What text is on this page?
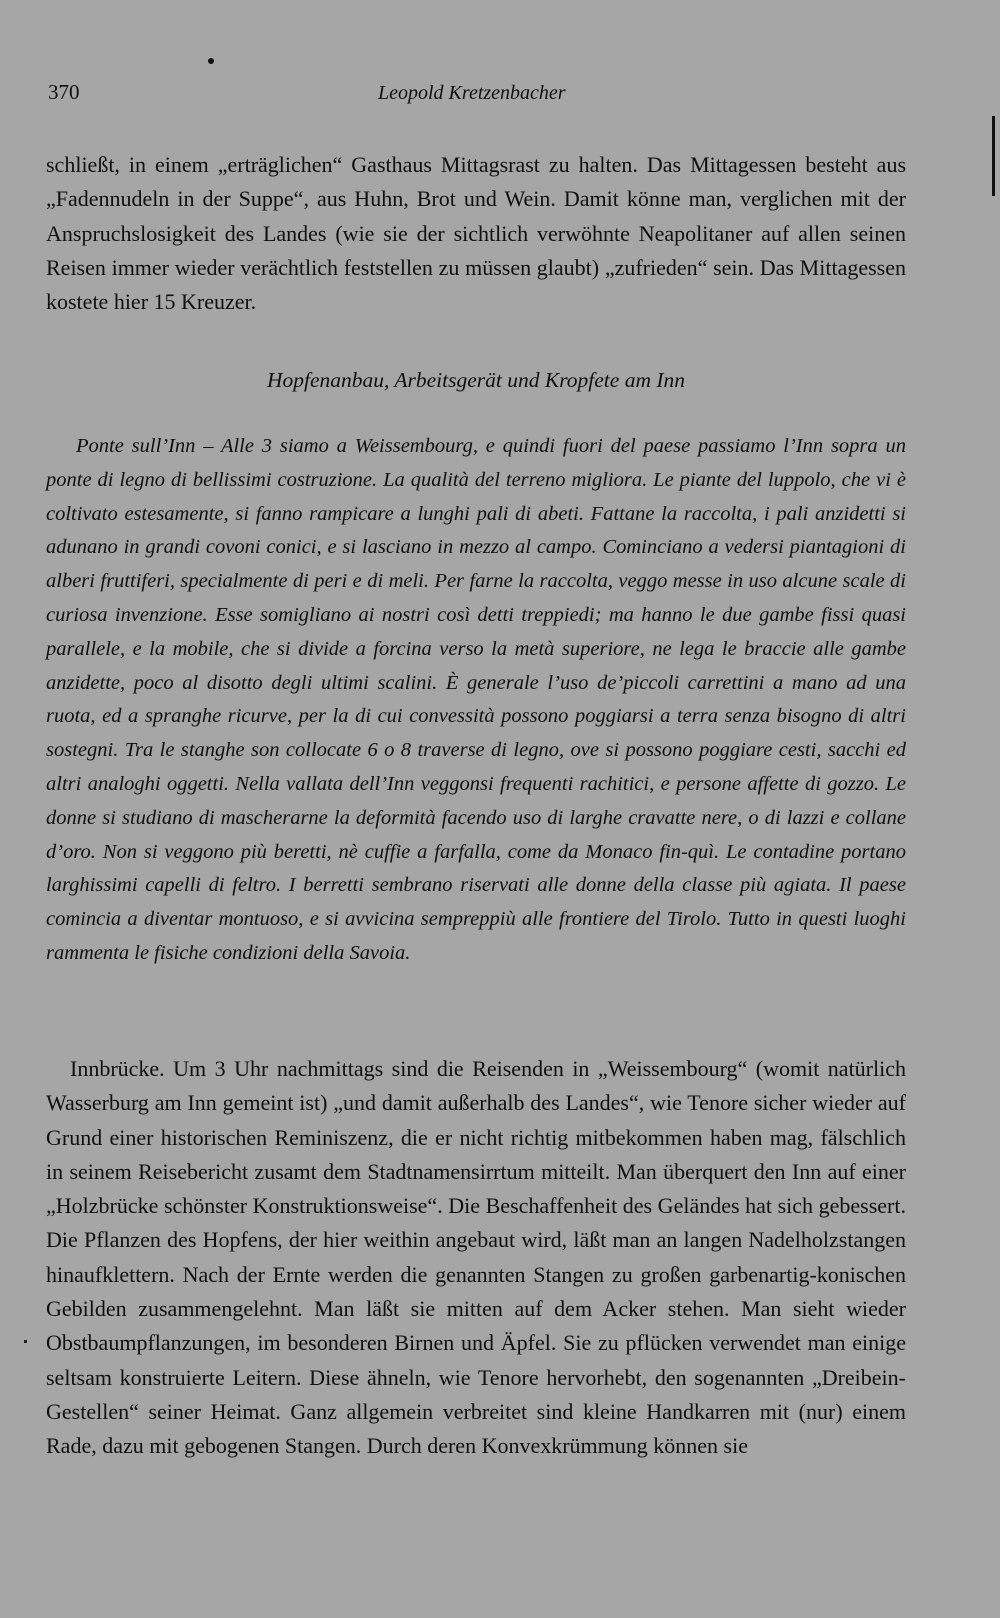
370	Leopold Kretzenbacher

schließt, in einem „erträglichen“ Gasthaus Mittagsrast zu halten. Das Mittagessen besteht aus „Fadennudeln in der Suppe“, aus Huhn, Brot und Wein. Damit könne man, verglichen mit der Anspruchslosigkeit des Landes (wie sie der sichtlich verwöhnte Neapolitaner auf allen seinen Reisen immer wieder verächtlich feststellen zu müssen glaubt) „zufrieden“ sein. Das Mittagessen kostete hier 15 Kreuzer.

Hopfenanbau, Arbeitsgerät und Kropfete am Inn

Ponte sull’Inn – Alle 3 siamo a Weissembourg, e quindi fuori del paese passiamo l’Inn sopra un ponte di legno di bellissimi costruzione. La qualità del terreno migliora. Le piante del luppolo, che vi è coltivato estesamente, si fanno rampicare a lunghi pali di abeti. Fattane la raccolta, i pali anzidetti si adunano in grandi covoni conici, e si lasciano in mezzo al campo. Cominciano a vedersi piantagioni di alberi fruttiferi, specialmente di peri e di meli. Per farne la raccolta, veggo messe in uso alcune scale di curiosa invenzione. Esse somigliano ai nostri così detti treppiedi; ma hanno le due gambe fissi quasi parallele, e la mobile, che si divide a forcina verso la metà superiore, ne lega le braccie alle gambe anzidette, poco al disotto degli ultimi scalini. È generale l’uso de’piccoli carrettini a mano ad una ruota, ed a spranghe ricurve, per la di cui convessità possono poggiarsi a terra senza bisogno di altri sostegni. Tra le stanghe son collocate 6 o 8 traverse di legno, ove si possono poggiare cesti, sacchi ed altri analoghi oggetti. Nella vallata dell’Inn veggonsi frequenti rachitici, e persone affette di gozzo. Le donne si studiano di mascherarne la deformità facendo uso di larghe cravatte nere, o di lazzi e collane d’oro. Non si veggono più beretti, nè cuffie a farfalla, come da Monaco fin-quì. Le contadine portano larghissimi capelli di feltro. I berretti sembrano riservati alle donne della classe più agiata. Il paese comincia a diventar montuoso, e si avvicina sempreppiù alle frontiere del Tirolo. Tutto in questi luoghi rammenta le fisiche condizioni della Savoia.

Innbrücke. Um 3 Uhr nachmittags sind die Reisenden in „Weissembourg“ (womit natürlich Wasserburg am Inn gemeint ist) „und damit außerhalb des Landes“, wie Tenore sicher wieder auf Grund einer historischen Reminiszenz, die er nicht richtig mitbekommen haben mag, fälschlich in seinem Reisebericht zusamt dem Stadtnamensirrtum mitteilt. Man überquert den Inn auf einer „Holzbrücke schönster Konstruktionsweise“. Die Beschaffenheit des Geländes hat sich gebessert. Die Pflanzen des Hopfens, der hier weithin angebaut wird, läßt man an langen Nadelholzstangen hinaufklettern. Nach der Ernte werden die genannten Stangen zu großen garbenartig-konischen Gebilden zusammengelehnt. Man läßt sie mitten auf dem Acker stehen. Man sieht wieder Obstbaumpflanzungen, im besonderen Birnen und Äpfel. Sie zu pflücken verwendet man einige seltsam konstruierte Leitern. Diese ähneln, wie Tenore hervorhebt, den sogenannten „Dreibein-Gestellen“ seiner Heimat. Ganz allgemein verbreitet sind kleine Handkarren mit (nur) einem Rade, dazu mit gebogenen Stangen. Durch deren Konvexkrümmung können sie
